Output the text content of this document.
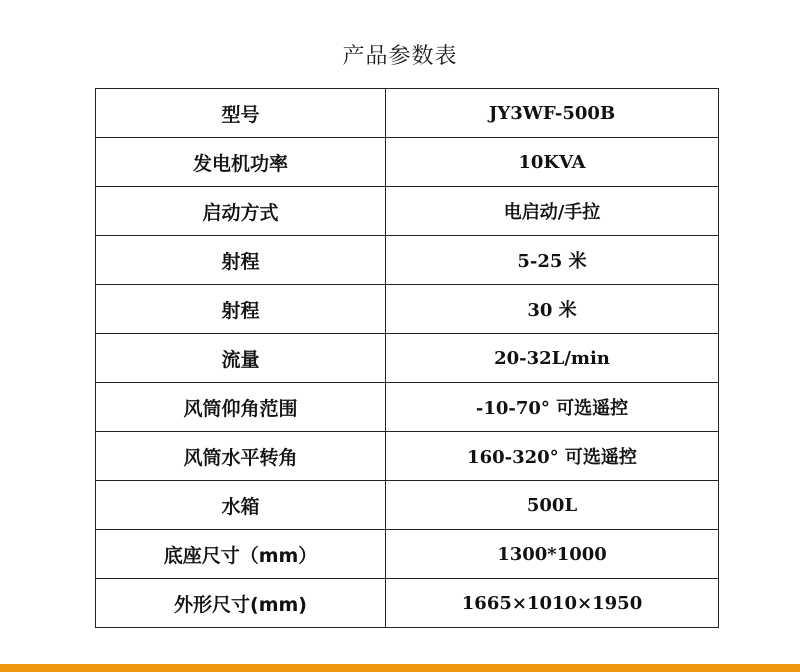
产品参数表
型号	JY3WF-500B
发电机功率	10KVA
启动方式	电启动/手拉
射程	5-25 米
射程	30 米
流量	20-32L/min
风筒仰角范围	-10-70° 可选遥控
风筒水平转角	160-320° 可选遥控
水箱	500L
底座尺寸（mm）	1300*1000
外形尺寸(mm)	1665×1010×1950
